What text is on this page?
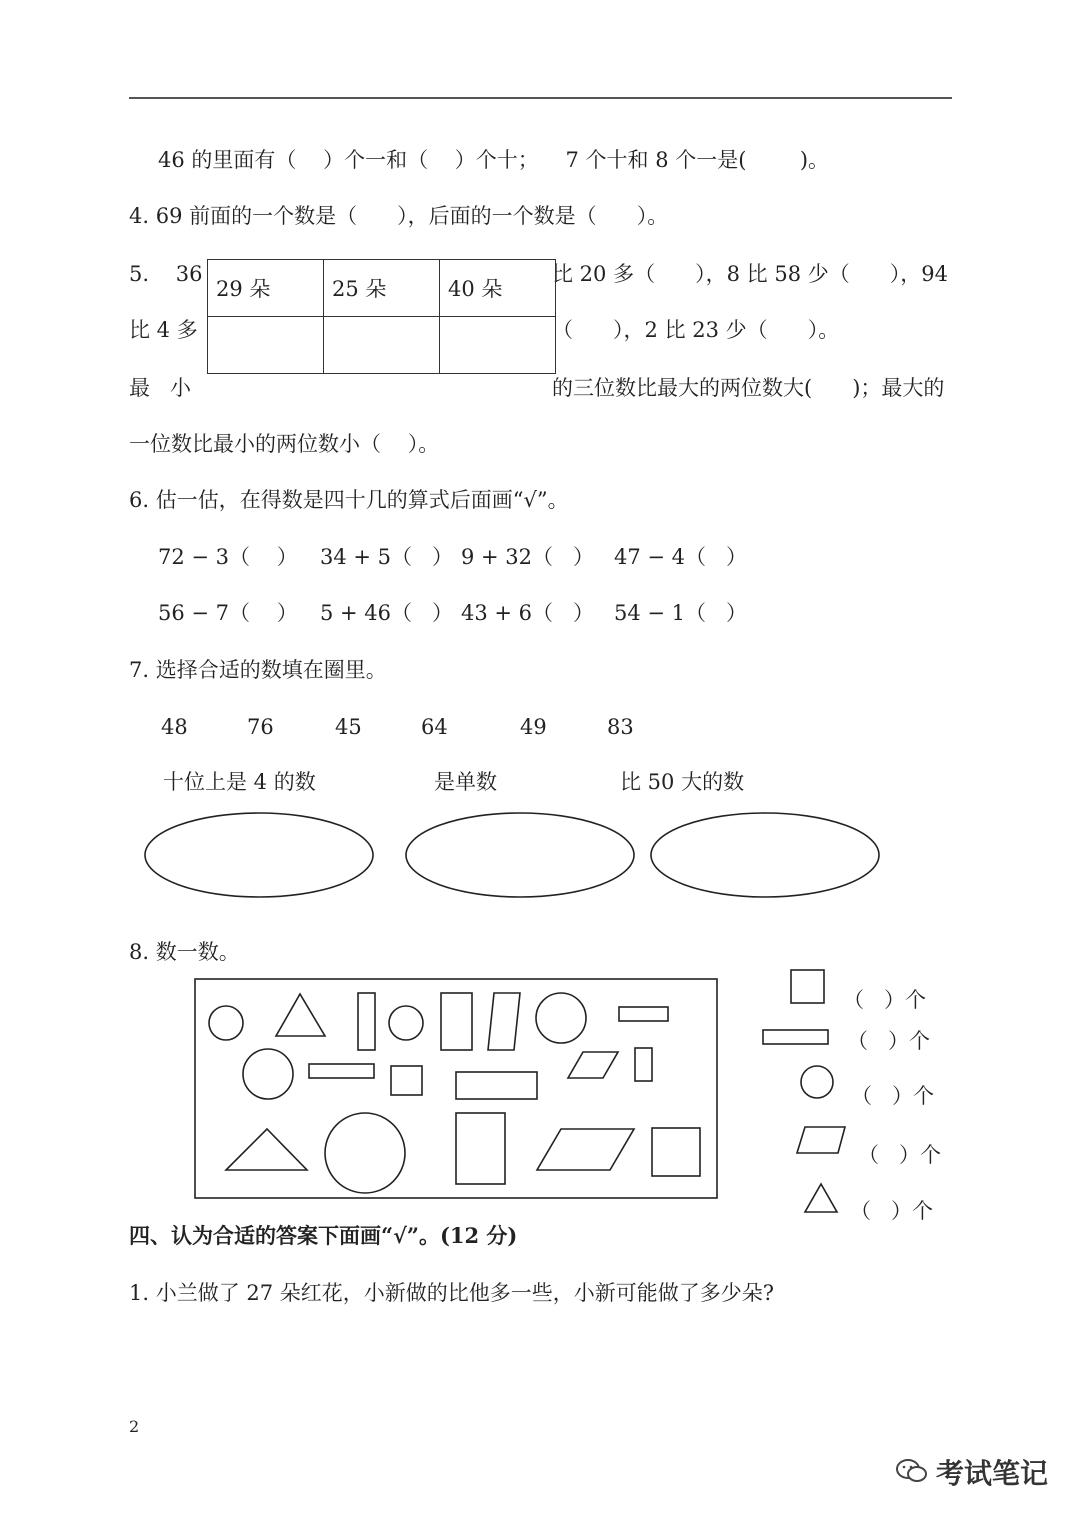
46 的里面有（    ）个一和（    ）个十；    7 个十和 8 个一是(        )。
4. 69 前面的一个数是（      ），后面的一个数是（      ）。
5.    36	比 20 多（      ），8 比 58 少（      ），94
比 4 多	（      ），2 比 23 少（      ）。
最   小	的三位数比最大的两位数大(      )；最大的
一位数比最小的两位数小（    ）。
29 朵	25 朵	40 朵

6. 估一估，在得数是四十几的算式后面画“√”。
72 − 3（    ） 34 + 5（   ） 9 + 32（   ） 47 − 4（   ）
56 − 7（    ） 5 + 46（   ） 43 + 6（   ） 54 − 1（   ）
7. 选择合适的数填在圈里。
48	76	45	64	49	83
十位上是 4 的数	是单数	比 50 大的数
8. 数一数。
（   ）个
（   ）个
（   ）个
（   ）个
（   ）个
四、认为合适的答案下面画“√”。(12 分)
1. 小兰做了 27 朵红花，小新做的比他多一些，小新可能做了多少朵?
2
考试笔记
